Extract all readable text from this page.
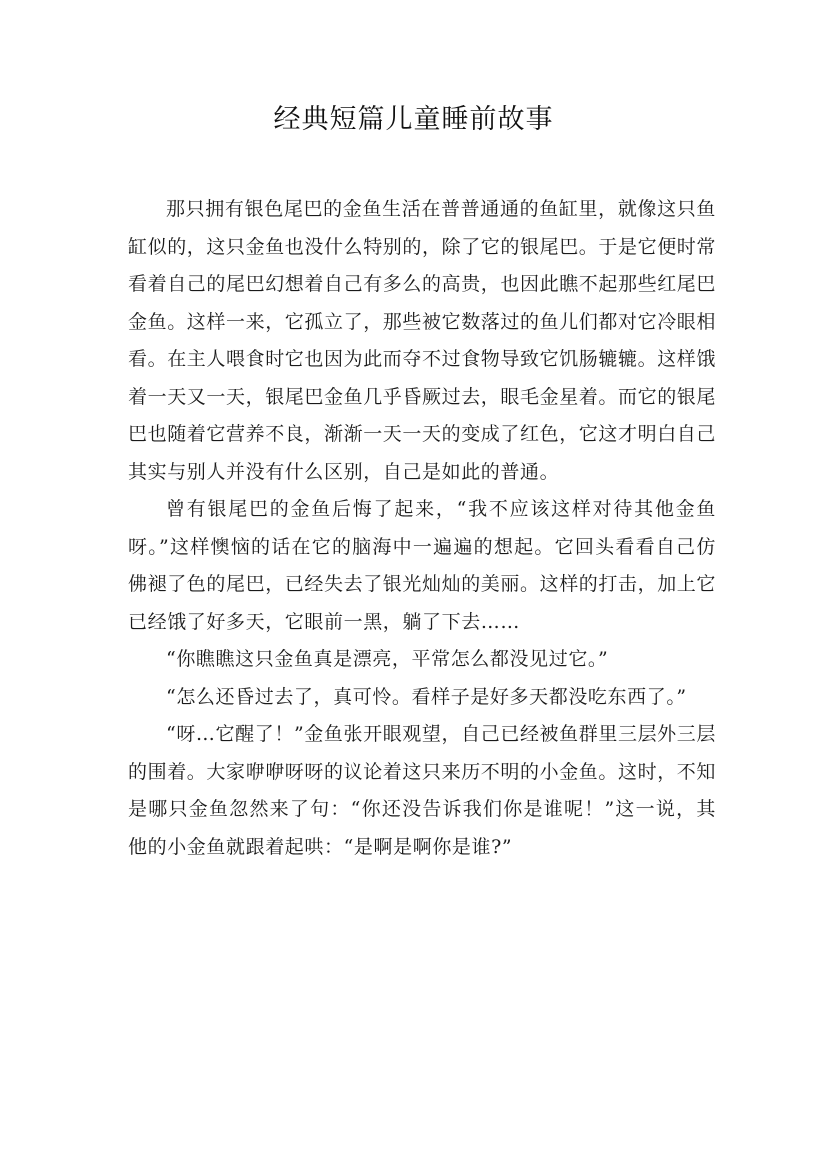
经典短篇儿童睡前故事

那只拥有银色尾巴的金鱼生活在普普通通的鱼缸里，就像这只鱼缸似的，这只金鱼也没什么特别的，除了它的银尾巴。于是它便时常看着自己的尾巴幻想着自己有多么的高贵，也因此瞧不起那些红尾巴金鱼。这样一来，它孤立了，那些被它数落过的鱼儿们都对它冷眼相看。在主人喂食时它也因为此而夺不过食物导致它饥肠辘辘。这样饿着一天又一天，银尾巴金鱼几乎昏厥过去，眼毛金星着。而它的银尾巴也随着它营养不良，渐渐一天一天的变成了红色，它这才明白自己其实与别人并没有什么区别，自己是如此的普通。

曾有银尾巴的金鱼后悔了起来，“我不应该这样对待其他金鱼呀。”这样懊恼的话在它的脑海中一遍遍的想起。它回头看看自己仿佛褪了色的尾巴，已经失去了银光灿灿的美丽。这样的打击，加上它已经饿了好多天，它眼前一黑，躺了下去……

“你瞧瞧这只金鱼真是漂亮，平常怎么都没见过它。”

“怎么还昏过去了，真可怜。看样子是好多天都没吃东西了。”

“呀…它醒了！”金鱼张开眼观望，自己已经被鱼群里三层外三层的围着。大家咿咿呀呀的议论着这只来历不明的小金鱼。这时，不知是哪只金鱼忽然来了句：“你还没告诉我们你是谁呢！”这一说，其他的小金鱼就跟着起哄：“是啊是啊你是谁?”
